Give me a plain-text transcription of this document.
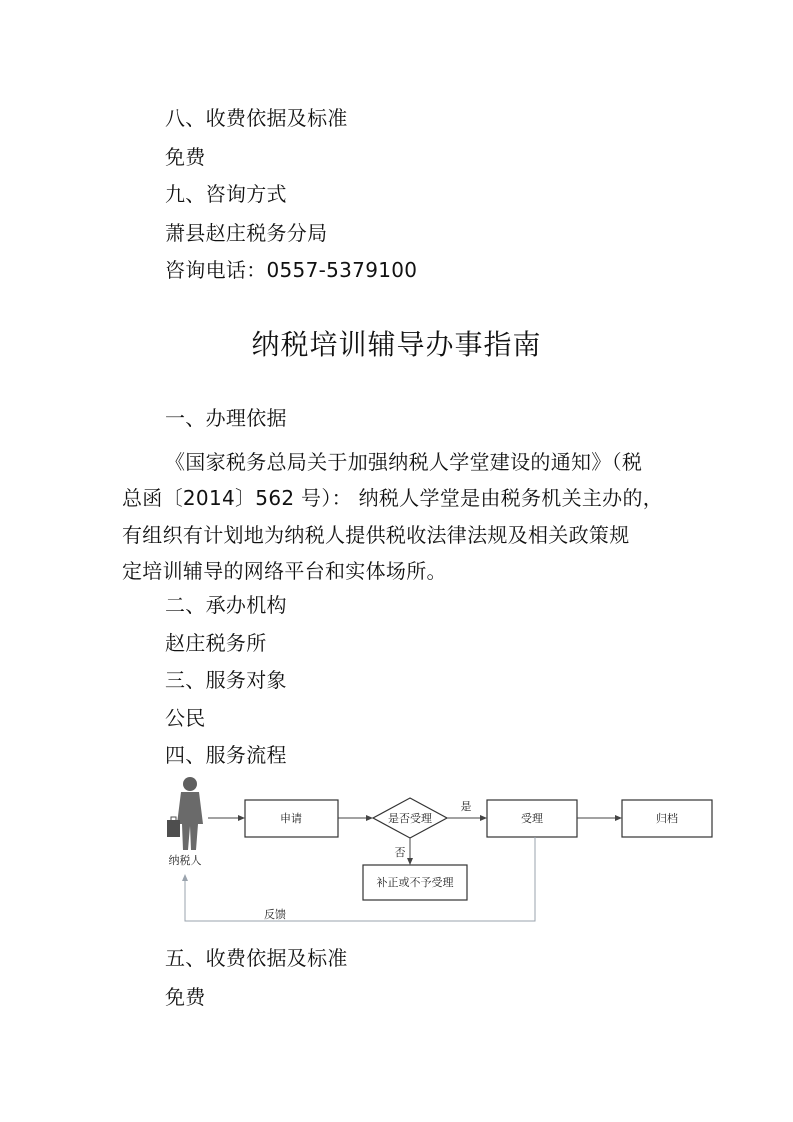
八、收费依据及标准
免费
九、咨询方式
萧县赵庄税务分局
咨询电话：0557-5379100
纳税培训辅导办事指南
一、办理依据
《国家税务总局关于加强纳税人学堂建设的通知》（税
总函〔2014〕562 号）： 纳税人学堂是由税务机关主办的，
有组织有计划地为纳税人提供税收法律法规及相关政策规
定培训辅导的网络平台和实体场所。
二、承办机构
赵庄税务所
三、服务对象
公民
四、服务流程
纳税人
申请	是否受理
是
受理	归档
否
补正或不予受理
反馈
五、收费依据及标准
免费
